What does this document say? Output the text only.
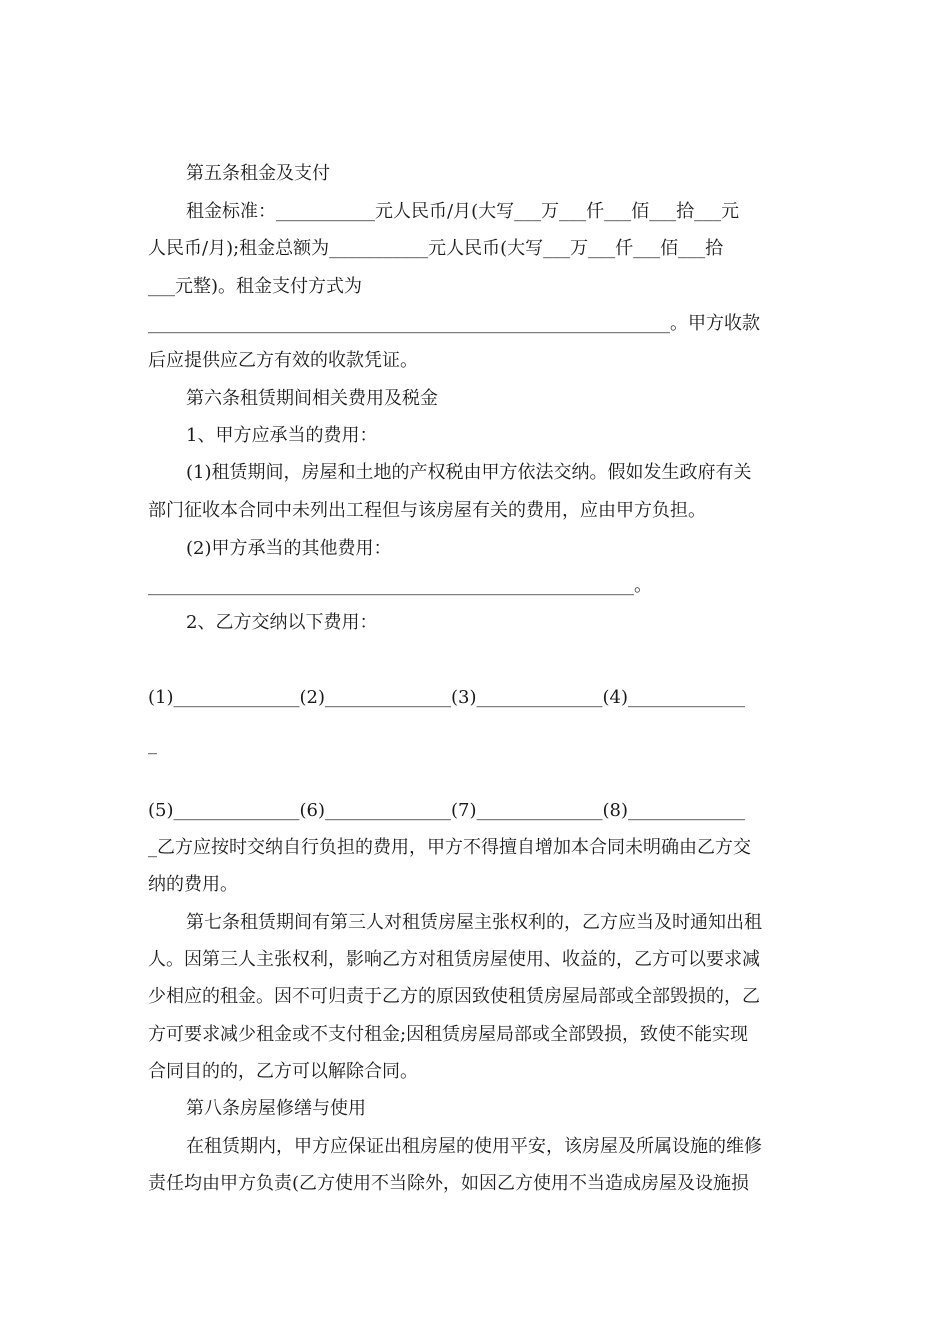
第五条租金及支付
租金标准：___________元人民币/月(大写___万___仟___佰___拾___元
人民币/月);租金总额为___________元人民币(大写___万___仟___佰___拾
___元整)。租金支付方式为
__________________________________________________________。甲方收款
后应提供应乙方有效的收款凭证。
第六条租赁期间相关费用及税金
1、甲方应承当的费用：
(1)租赁期间，房屋和土地的产权税由甲方依法交纳。假如发生政府有关
部门征收本合同中未列出工程但与该房屋有关的费用，应由甲方负担。
(2)甲方承当的其他费用：
______________________________________________________。
2、乙方交纳以下费用：
(1)______________(2)______________(3)______________(4)_____________
_
(5)______________(6)______________(7)______________(8)_____________
_乙方应按时交纳自行负担的费用，甲方不得擅自增加本合同未明确由乙方交
纳的费用。
第七条租赁期间有第三人对租赁房屋主张权利的，乙方应当及时通知出租
人。因第三人主张权利，影响乙方对租赁房屋使用、收益的，乙方可以要求减
少相应的租金。因不可归责于乙方的原因致使租赁房屋局部或全部毁损的，乙
方可要求减少租金或不支付租金;因租赁房屋局部或全部毁损，致使不能实现
合同目的的，乙方可以解除合同。
第八条房屋修缮与使用
在租赁期内，甲方应保证出租房屋的使用平安，该房屋及所属设施的维修
责任均由甲方负责(乙方使用不当除外，如因乙方使用不当造成房屋及设施损
